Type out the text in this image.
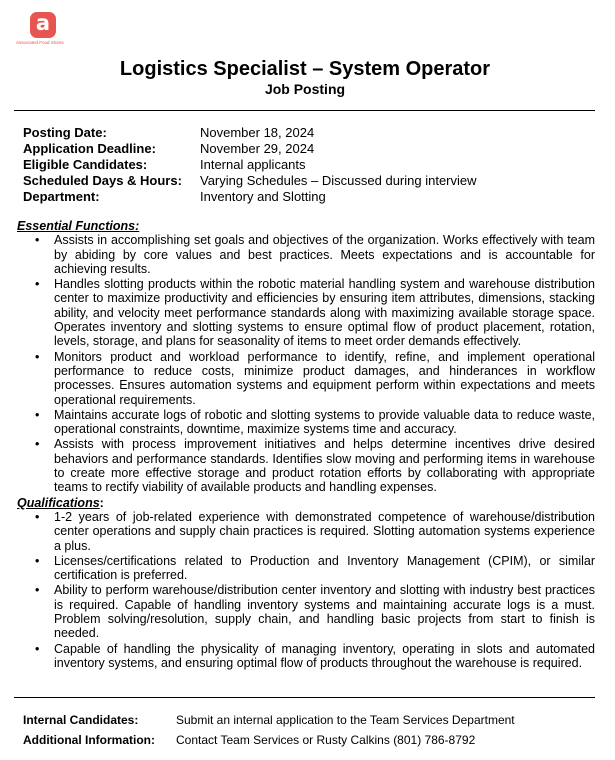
a
Associated Food Stores
Logistics Specialist – System Operator
Job Posting
Posting Date:	November 18, 2024
Application Deadline:	November 29, 2024
Eligible Candidates:	Internal applicants
Scheduled Days & Hours:	Varying Schedules – Discussed during interview
Department:	Inventory and Slotting
Essential Functions:
• Assists in accomplishing set goals and objectives of the organization. Works effectively with team by abiding by core values and best practices. Meets expectations and is accountable for achieving results.
• Handles slotting products within the robotic material handling system and warehouse distribution center to maximize productivity and efficiencies by ensuring item attributes, dimensions, stacking ability, and velocity meet performance standards along with maximizing available storage space. Operates inventory and slotting systems to ensure optimal flow of product placement, rotation, levels, storage, and plans for seasonality of items to meet order demands effectively.
• Monitors product and workload performance to identify, refine, and implement operational performance to reduce costs, minimize product damages, and hinderances in workflow processes. Ensures automation systems and equipment perform within expectations and meets operational requirements.
• Maintains accurate logs of robotic and slotting systems to provide valuable data to reduce waste, operational constraints, downtime, maximize systems time and accuracy.
• Assists with process improvement initiatives and helps determine incentives drive desired behaviors and performance standards. Identifies slow moving and performing items in warehouse to create more effective storage and product rotation efforts by collaborating with appropriate teams to rectify viability of available products and handling expenses.
Qualifications:
• 1-2 years of job-related experience with demonstrated competence of warehouse/distribution center operations and supply chain practices is required. Slotting automation systems experience a plus.
• Licenses/certifications related to Production and Inventory Management (CPIM), or similar certification is preferred.
• Ability to perform warehouse/distribution center inventory and slotting with industry best practices is required. Capable of handling inventory systems and maintaining accurate logs is a must. Problem solving/resolution, supply chain, and handling basic projects from start to finish is needed.
• Capable of handling the physicality of managing inventory, operating in slots and automated inventory systems, and ensuring optimal flow of products throughout the warehouse is required.
Internal Candidates:	Submit an internal application to the Team Services Department
Additional Information:	Contact Team Services or Rusty Calkins (801) 786-8792
